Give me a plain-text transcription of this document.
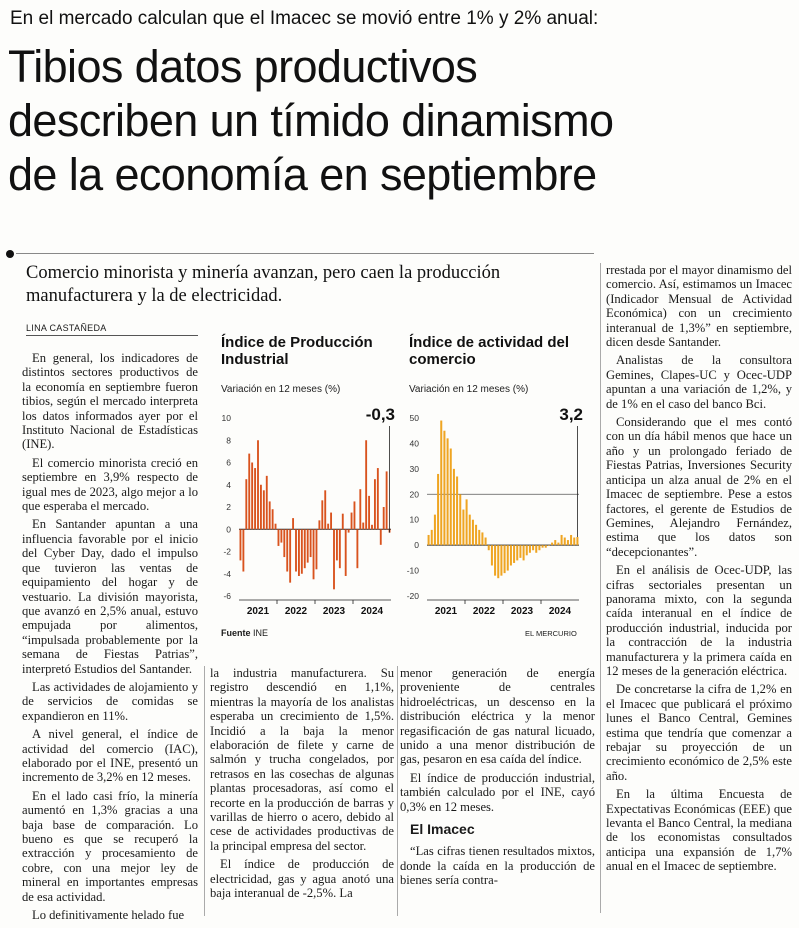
En el mercado calculan que el Imacec se movió entre 1% y 2% anual:
Tibios datos productivos
describen un tímido dinamismo
de la economía en septiembre
Comercio minorista y minería avanzan, pero caen la producción manufacturera y la de electricidad.
LINA CASTAÑEDA

En general, los indicadores de distintos sectores productivos de la economía en septiembre fueron tibios, según el mercado interpreta los datos informados ayer por el Instituto Nacional de Estadísticas (INE).

El comercio minorista creció en septiembre en 3,9% respecto de igual mes de 2023, algo mejor a lo que esperaba el mercado.

En Santander apuntan a una influencia favorable por el inicio del Cyber Day, dado el impulso que tuvieron las ventas de equipamiento del hogar y de vestuario. La división mayorista, que avanzó en 2,5% anual, estuvo empujada por alimentos, “impulsada probablemente por la semana de Fiestas Patrias”, interpretó Estudios del Santander.

Las actividades de alojamiento y de servicios de comidas se expandieron en 11%.

A nivel general, el índice de actividad del comercio (IAC), elaborado por el INE, presentó un incremento de 3,2% en 12 meses.

En el lado casi frío, la minería aumentó en 1,3% gracias a una baja base de comparación. Lo bueno es que se recuperó la extracción y procesamiento de cobre, con una mejor ley de mineral en importantes empresas de esa actividad.

Lo definitivamente helado fue

la industria manufacturera. Su registro descendió en 1,1%, mientras la mayoría de los analistas esperaba un crecimiento de 1,5%. Incidió a la baja la menor elaboración de filete y carne de salmón y trucha congelados, por retrasos en las cosechas de algunas plantas procesadoras, así como el recorte en la producción de barras y varillas de hierro o acero, debido al cese de actividades productivas de la principal empresa del sector.

El índice de producción de electricidad, gas y agua anotó una baja interanual de -2,5%. La

menor generación de energía proveniente de centrales hidroeléctricas, un descenso en la distribución eléctrica y la menor regasificación de gas natural licuado, unido a una menor distribución de gas, pesaron en esa caída del índice.

El índice de producción industrial, también calculado por el INE, cayó 0,3% en 12 meses.

El Imacec

“Las cifras tienen resultados mixtos, donde la caída en la producción de bienes sería contra-

rrestada por el mayor dinamismo del comercio. Así, estimamos un Imacec (Indicador Mensual de Actividad Económica) con un crecimiento interanual de 1,3%” en septiembre, dicen desde Santander.

Analistas de la consultora Gemines, Clapes-UC y Ocec-UDP apuntan a una variación de 1,2%, y de 1% en el caso del banco Bci.

Considerando que el mes contó con un día hábil menos que hace un año y un prolongado feriado de Fiestas Patrias, Inversiones Security anticipa un alza anual de 2% en el Imacec de septiembre. Pese a estos factores, el gerente de Estudios de Gemines, Alejandro Fernández, estima que los datos son “decepcionantes”.

En el análisis de Ocec-UDP, las cifras sectoriales presentan un panorama mixto, con la segunda caída interanual en el índice de producción industrial, inducida por la contracción de la industria manufacturera y la primera caída en 12 meses de la generación eléctrica.

De concretarse la cifra de 1,2% en el Imacec que publicará el próximo lunes el Banco Central, Gemines estima que tendría que comenzar a rebajar su proyección de un crecimiento económico de 2,5% este año.

En la última Encuesta de Expectativas Económicas (EEE) que levanta el Banco Central, la mediana de los economistas consultados anticipa una expansión de 1,7% anual en el Imacec de septiembre.

Índice de Producción Industrial
Variación en 12 meses (%)
Índice de actividad del comercio
Variación en 12 meses (%)
10
8
6
4
2
0
-2
-4
-6
2021 2022 2023 2024
-0,3 50
40
30
20
10
0
-10
-20
2021 2022 2023 2024
3,2
Fuente INE	EL MERCURIO
